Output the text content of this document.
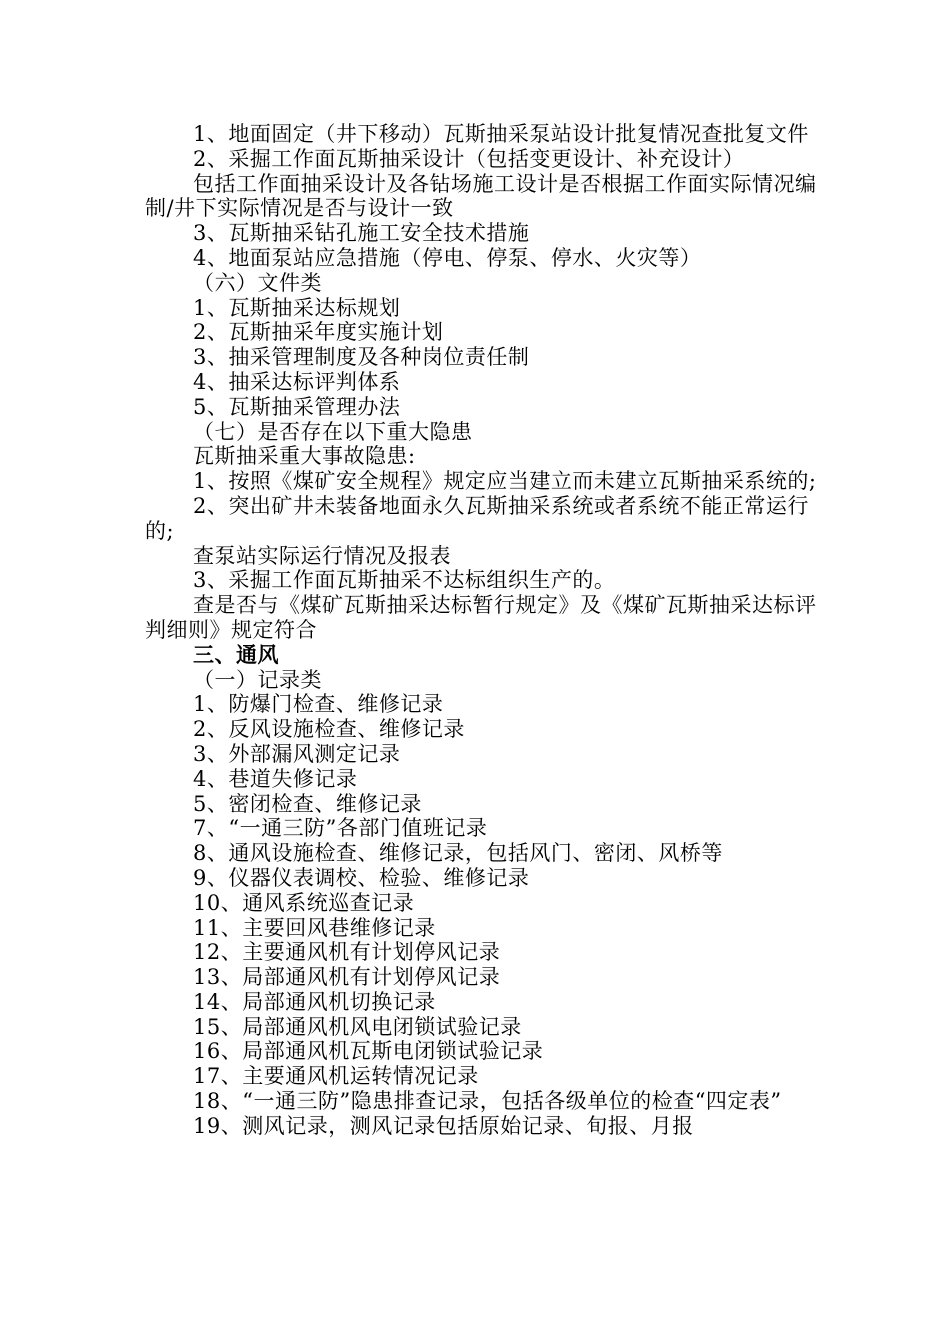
1、地面固定（井下移动）瓦斯抽采泵站设计批复情况查批复文件
2、采掘工作面瓦斯抽采设计（包括变更设计、补充设计）
包括工作面抽采设计及各钻场施工设计是否根据工作面实际情况编制/井下实际情况是否与设计一致
3、瓦斯抽采钻孔施工安全技术措施
4、地面泵站应急措施（停电、停泵、停水、火灾等）
（六）文件类
1、瓦斯抽采达标规划
2、瓦斯抽采年度实施计划
3、抽采管理制度及各种岗位责任制
4、抽采达标评判体系
5、瓦斯抽采管理办法
（七）是否存在以下重大隐患
瓦斯抽采重大事故隐患:
1、按照《煤矿安全规程》规定应当建立而未建立瓦斯抽采系统的;
2、突出矿井未装备地面永久瓦斯抽采系统或者系统不能正常运行的;
查泵站实际运行情况及报表
3、采掘工作面瓦斯抽采不达标组织生产的。
查是否与《煤矿瓦斯抽采达标暂行规定》及《煤矿瓦斯抽采达标评判细则》规定符合
三、通风
（一）记录类
1、防爆门检查、维修记录
2、反风设施检查、维修记录
3、外部漏风测定记录
4、巷道失修记录
5、密闭检查、维修记录
7、“一通三防”各部门值班记录
8、通风设施检查、维修记录，包括风门、密闭、风桥等
9、仪器仪表调校、检验、维修记录
10、通风系统巡查记录
11、主要回风巷维修记录
12、主要通风机有计划停风记录
13、局部通风机有计划停风记录
14、局部通风机切换记录
15、局部通风机风电闭锁试验记录
16、局部通风机瓦斯电闭锁试验记录
17、主要通风机运转情况记录
18、“一通三防”隐患排查记录，包括各级单位的检查“四定表”
19、测风记录，测风记录包括原始记录、旬报、月报
